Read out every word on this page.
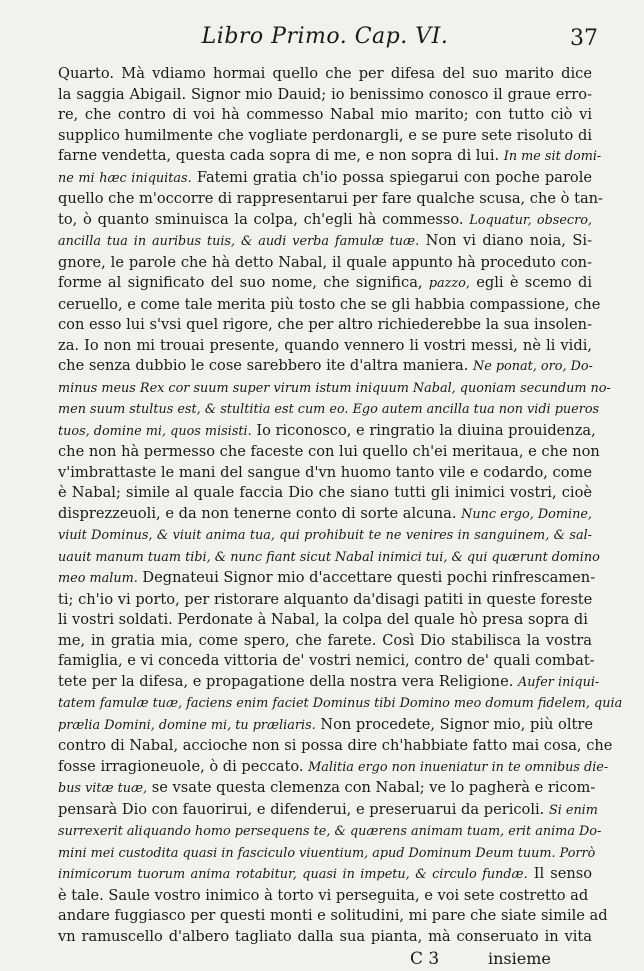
Libro Primo. Cap. VI.	37
Quarto. Mà vdiamo hormai quello che per difesa del suo marito dice
la saggia Abigail. Signor mio Dauid; io benissimo conosco il graue erro-
re, che contro di voi hà commesso Nabal mio marito; con tutto ciò vi
supplico humilmente che vogliate perdonargli, e se pure sete risoluto di
farne vendetta, questa cada sopra di me, e non sopra di lui. In me sit domi-
ne mi hæc iniquitas. Fatemi gratia ch'io possa spiegarui con poche parole
quello che m'occorre di rappresentarui per fare qualche scusa, che ò tan-
to, ò quanto sminuisca la colpa, ch'egli hà commesso. Loquatur, obsecro,
ancilla tua in auribus tuis, & audi verba famulæ tuæ. Non vi diano noia, Si-
gnore, le parole che hà detto Nabal, il quale appunto hà proceduto con-
forme al significato del suo nome, che significa, pazzo, egli è scemo di
ceruello, e come tale merita più tosto che se gli habbia compassione, che
con esso lui s'vsi quel rigore, che per altro richiederebbe la sua insolen-
za. Io non mi trouai presente, quando vennero li vostri messi, nè li vidi,
che senza dubbio le cose sarebbero ite d'altra maniera. Ne ponat, oro, Do-
minus meus Rex cor suum super virum istum iniquum Nabal, quoniam secundum no-
men suum stultus est, & stultitia est cum eo. Ego autem ancilla tua non vidi pueros
tuos, domine mi, quos misisti. Io riconosco, e ringratio la diuina prouidenza,
che non hà permesso che faceste con lui quello ch'ei meritaua, e che non
v'imbrattaste le mani del sangue d'vn huomo tanto vile e codardo, come
è Nabal; simile al quale faccia Dio che siano tutti gli inimici vostri, cioè
disprezzeuoli, e da non tenerne conto di sorte alcuna. Nunc ergo, Domine,
viuit Dominus, & viuit anima tua, qui prohibuit te ne venires in sanguinem, & sal-
uauit manum tuam tibi, & nunc fiant sicut Nabal inimici tui, & qui quærunt domino
meo malum. Degnateui Signor mio d'accettare questi pochi rinfrescamen-
ti; ch'io vi porto, per ristorare alquanto da'disagi patiti in queste foreste
li vostri soldati. Perdonate à Nabal, la colpa del quale hò presa sopra di
me, in gratia mia, come spero, che farete. Così Dio stabilisca la vostra
famiglia, e vi conceda vittoria de' vostri nemici, contro de' quali combat-
tete per la difesa, e propagatione della nostra vera Religione. Aufer iniqui-
tatem famulæ tuæ, faciens enim faciet Dominus tibi Domino meo domum fidelem, quia
prælia Domini, domine mi, tu præliaris. Non procedete, Signor mio, più oltre
contro di Nabal, accioche non si possa dire ch'habbiate fatto mai cosa, che
fosse irragioneuole, ò di peccato. Malitia ergo non inueniatur in te omnibus die-
bus vitæ tuæ, se vsate questa clemenza con Nabal; ve lo pagherà e ricom-
pensarà Dio con fauorirui, e difenderui, e preseruarui da pericoli. Si enim
surrexerit aliquando homo persequens te, & quærens animam tuam, erit anima Do-
mini mei custodita quasi in fasciculo viuentium, apud Dominum Deum tuum. Porrò
inimicorum tuorum anima rotabitur, quasi in impetu, & circulo fundæ. Il senso
è tale. Saule vostro inimico à torto vi perseguita, e voi sete costretto ad
andare fuggiasco per questi monti e solitudini, mi pare che siate simile ad
vn ramuscello d'albero tagliato dalla sua pianta, mà conseruato in vita
C 3	insieme
